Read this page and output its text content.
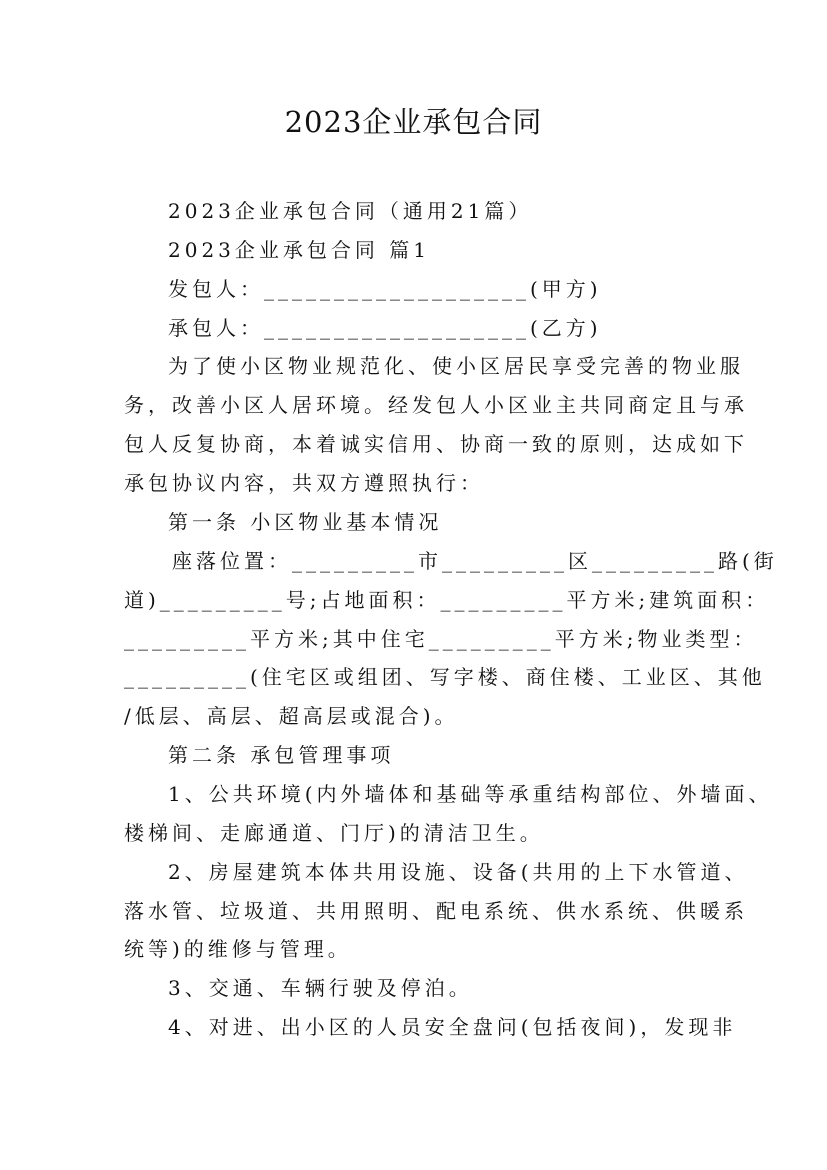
2023企业承包合同
2023企业承包合同（通用21篇）
2023企业承包合同 篇1
发包人：___________________(甲方)
承包人：___________________(乙方)
为了使小区物业规范化、使小区居民享受完善的物业服
务，改善小区人居环境。经发包人小区业主共同商定且与承
包人反复协商，本着诚实信用、协商一致的原则，达成如下
承包协议内容，共双方遵照执行：
第一条 小区物业基本情况
座落位置：_________市_________区_________路(街
道)_________号;占地面积：_________平方米;建筑面积：
_________平方米;其中住宅_________平方米;物业类型：
_________(住宅区或组团、写字楼、商住楼、工业区、其他
/低层、高层、超高层或混合)。
第二条 承包管理事项
1、公共环境(内外墙体和基础等承重结构部位、外墙面、
楼梯间、走廊通道、门厅)的清洁卫生。
2、房屋建筑本体共用设施、设备(共用的上下水管道、
落水管、垃圾道、共用照明、配电系统、供水系统、供暖系
统等)的维修与管理。
3、交通、车辆行驶及停泊。
4、对进、出小区的人员安全盘问(包括夜间)，发现非
